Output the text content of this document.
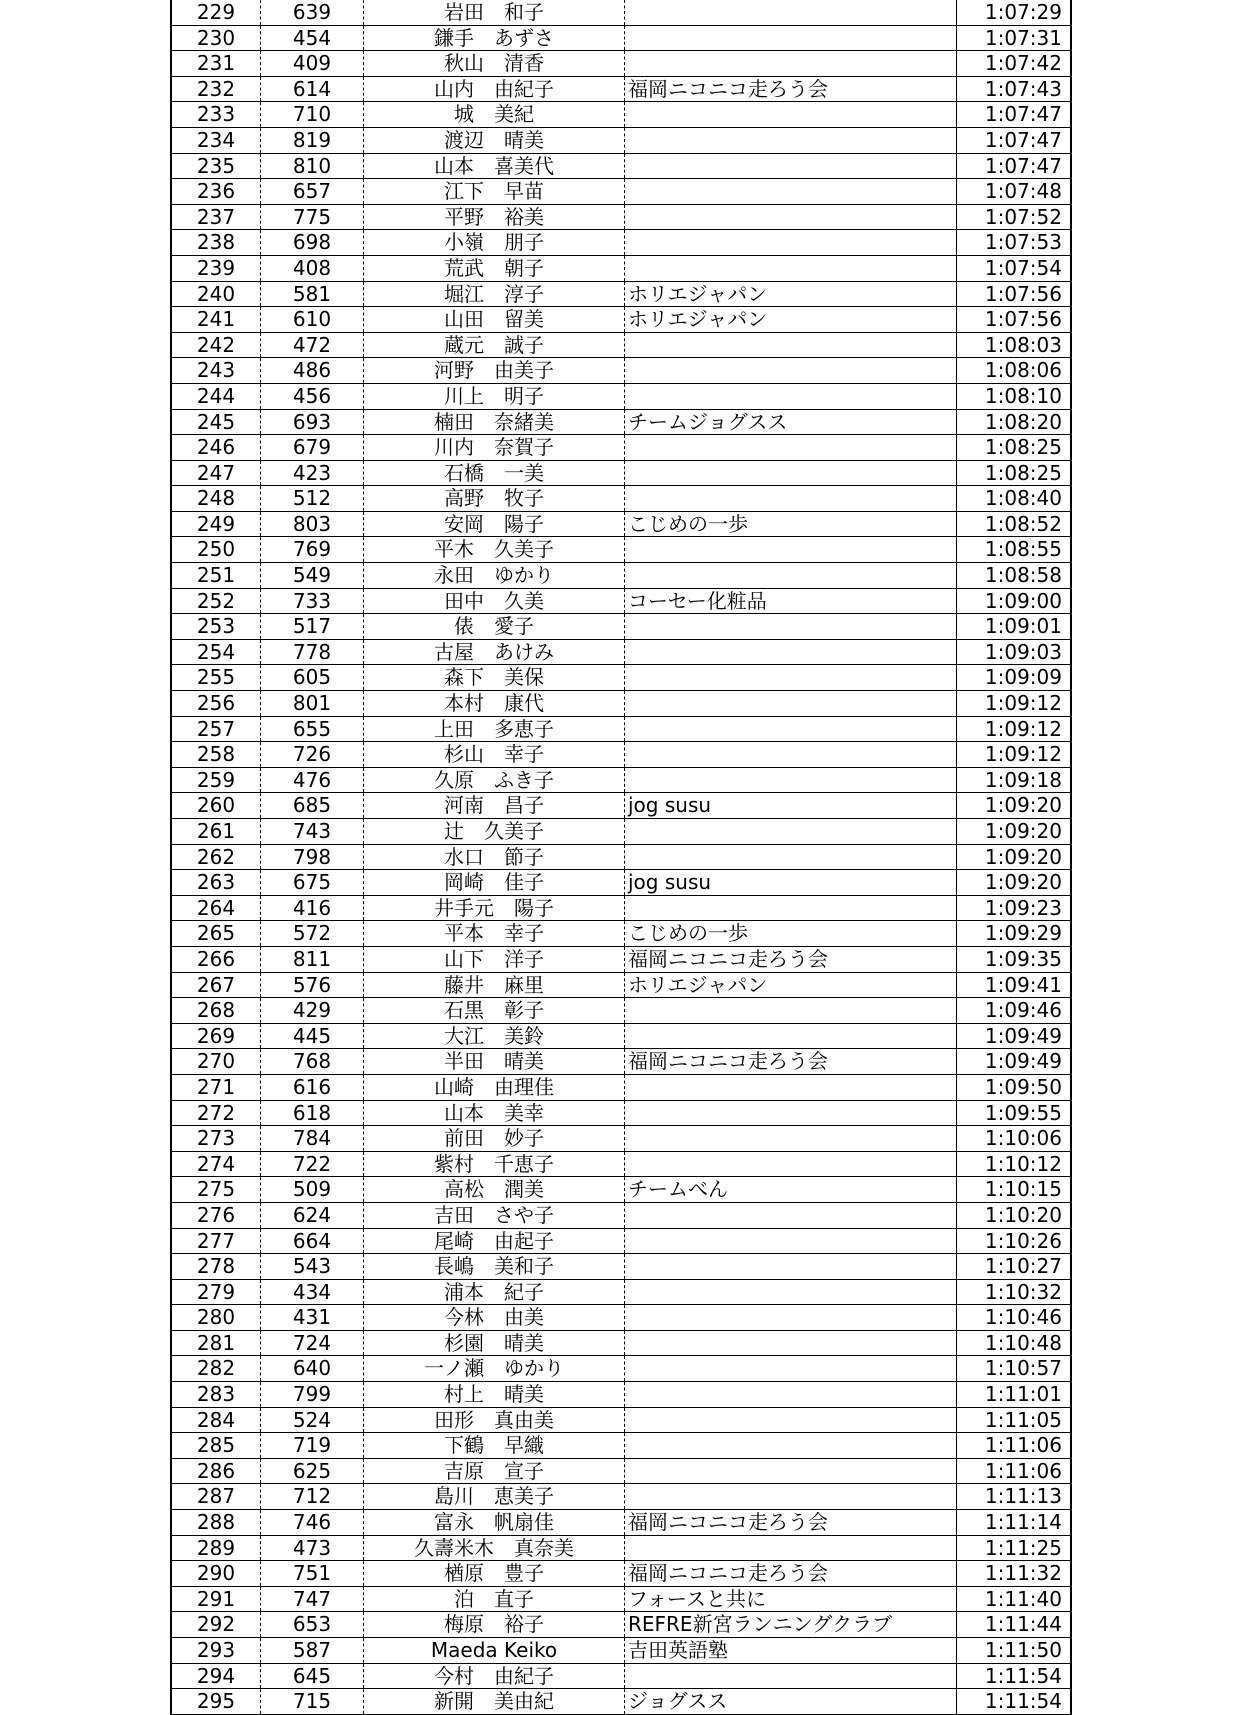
229	639	岩田　和子		1:07:29
230	454	鎌手　あずさ		1:07:31
231	409	秋山　清香		1:07:42
232	614	山内　由紀子	福岡ニコニコ走ろう会	1:07:43
233	710	城　美紀		1:07:47
234	819	渡辺　晴美		1:07:47
235	810	山本　喜美代		1:07:47
236	657	江下　早苗		1:07:48
237	775	平野　裕美		1:07:52
238	698	小嶺　朋子		1:07:53
239	408	荒武　朝子		1:07:54
240	581	堀江　淳子	ホリエジャパン	1:07:56
241	610	山田　留美	ホリエジャパン	1:07:56
242	472	蔵元　誠子		1:08:03
243	486	河野　由美子		1:08:06
244	456	川上　明子		1:08:10
245	693	楠田　奈緒美	チームジョグスス	1:08:20
246	679	川内　奈賀子		1:08:25
247	423	石橋　一美		1:08:25
248	512	高野　牧子		1:08:40
249	803	安岡　陽子	こじめの一歩	1:08:52
250	769	平木　久美子		1:08:55
251	549	永田　ゆかり		1:08:58
252	733	田中　久美	コーセー化粧品	1:09:00
253	517	俵　愛子		1:09:01
254	778	古屋　あけみ		1:09:03
255	605	森下　美保		1:09:09
256	801	本村　康代		1:09:12
257	655	上田　多恵子		1:09:12
258	726	杉山　幸子		1:09:12
259	476	久原　ふき子		1:09:18
260	685	河南　昌子	jog susu	1:09:20
261	743	辻　久美子		1:09:20
262	798	水口　節子		1:09:20
263	675	岡崎　佳子	jog susu	1:09:20
264	416	井手元　陽子		1:09:23
265	572	平本　幸子	こじめの一歩	1:09:29
266	811	山下　洋子	福岡ニコニコ走ろう会	1:09:35
267	576	藤井　麻里	ホリエジャパン	1:09:41
268	429	石黒　彰子		1:09:46
269	445	大江　美鈴		1:09:49
270	768	半田　晴美	福岡ニコニコ走ろう会	1:09:49
271	616	山崎　由理佳		1:09:50
272	618	山本　美幸		1:09:55
273	784	前田　妙子		1:10:06
274	722	紫村　千恵子		1:10:12
275	509	高松　潤美	チームべん	1:10:15
276	624	吉田　さや子		1:10:20
277	664	尾崎　由起子		1:10:26
278	543	長嶋　美和子		1:10:27
279	434	浦本　紀子		1:10:32
280	431	今林　由美		1:10:46
281	724	杉園　晴美		1:10:48
282	640	一ノ瀬　ゆかり		1:10:57
283	799	村上　晴美		1:11:01
284	524	田形　真由美		1:11:05
285	719	下鶴　早織		1:11:06
286	625	吉原　宣子		1:11:06
287	712	島川　恵美子		1:11:13
288	746	富永　帆扇佳	福岡ニコニコ走ろう会	1:11:14
289	473	久壽米木　真奈美		1:11:25
290	751	楢原　豊子	福岡ニコニコ走ろう会	1:11:32
291	747	泊　直子	フォースと共に	1:11:40
292	653	梅原　裕子	REFRE新宮ランニングクラブ	1:11:44
293	587	Maeda Keiko	吉田英語塾	1:11:50
294	645	今村　由紀子		1:11:54
295	715	新開　美由紀	ジョグスス	1:11:54
